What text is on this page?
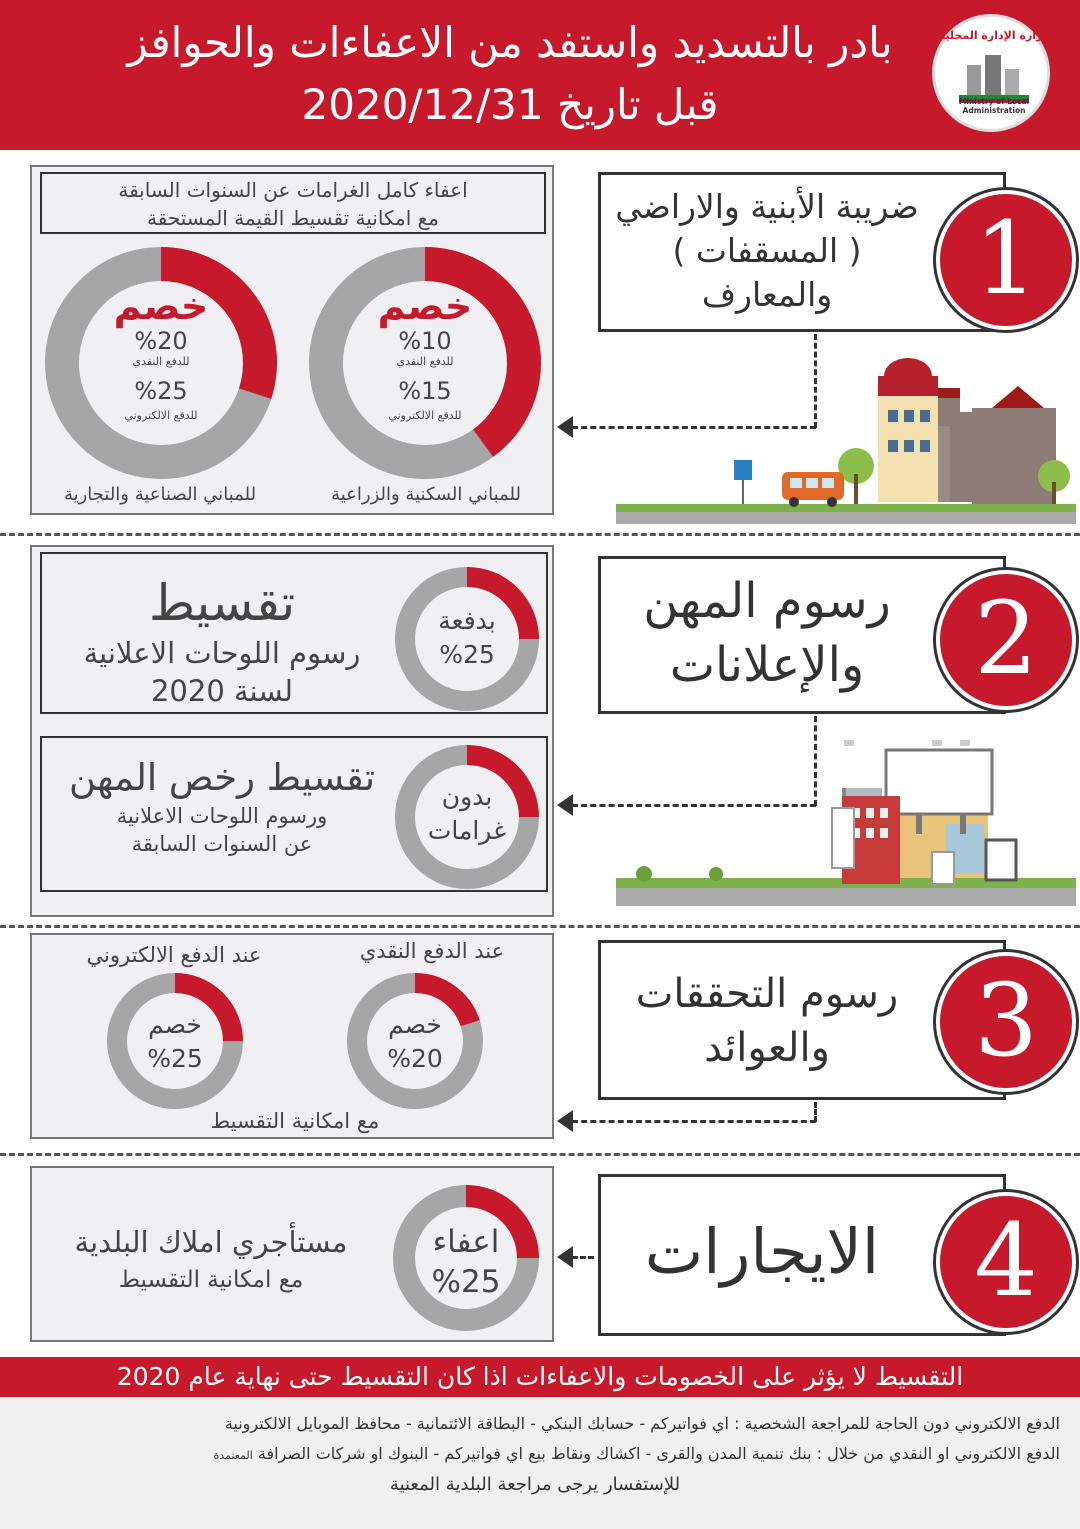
بادر بالتسديد واستفد من الاعفاءات والحوافز
قبل تاريخ 2020/12/31
وزارة الإدارة المحلية
Ministry of Local Administration
اعفاء كامل الغرامات عن السنوات السابقة
مع امكانية تقسيط القيمة المستحقة
خصم
%10
للدفع النقدي
%15
للدفع الالكتروني
للمباني السكنية والزراعية
خصم
%20
للدفع النقدي
%25
للدفع الالكتروني
للمباني الصناعية والتجارية
ضريبة الأبنية والاراضي
( المسقفات )
والمعارف	1
بدفعة
%25
تقسيط
رسوم اللوحات الاعلانية
لسنة 2020
بدون
غرامات
تقسيط رخص المهن
ورسوم اللوحات الاعلانية
عن السنوات السابقة
رسوم المهن
والإعلانات	2
عند الدفع النقدي
عند الدفع الالكتروني
خصم
%20
خصم
%25
مع امكانية التقسيط
رسوم التحققات
والعوائد	3
اعفاء
%25
مستأجري املاك البلدية
مع امكانية التقسيط	الايجارات 4
التقسيط لا يؤثر على الخصومات والاعفاءات اذا كان التقسيط حتى نهاية عام 2020
الدفع الالكتروني دون الحاجة للمراجعة الشخصية : اي فواتيركم - حسابك البنكي - البطاقة الائتمانية - محافظ الموبايل الالكترونية
الدفع الالكتروني او النقدي من خلال : بنك تنمية المدن والقرى - اكشاك ونقاط بيع اي فواتيركم - البنوك او شركات الصرافة المعتمدة
للإستفسار يرجى مراجعة البلدية المعنية
